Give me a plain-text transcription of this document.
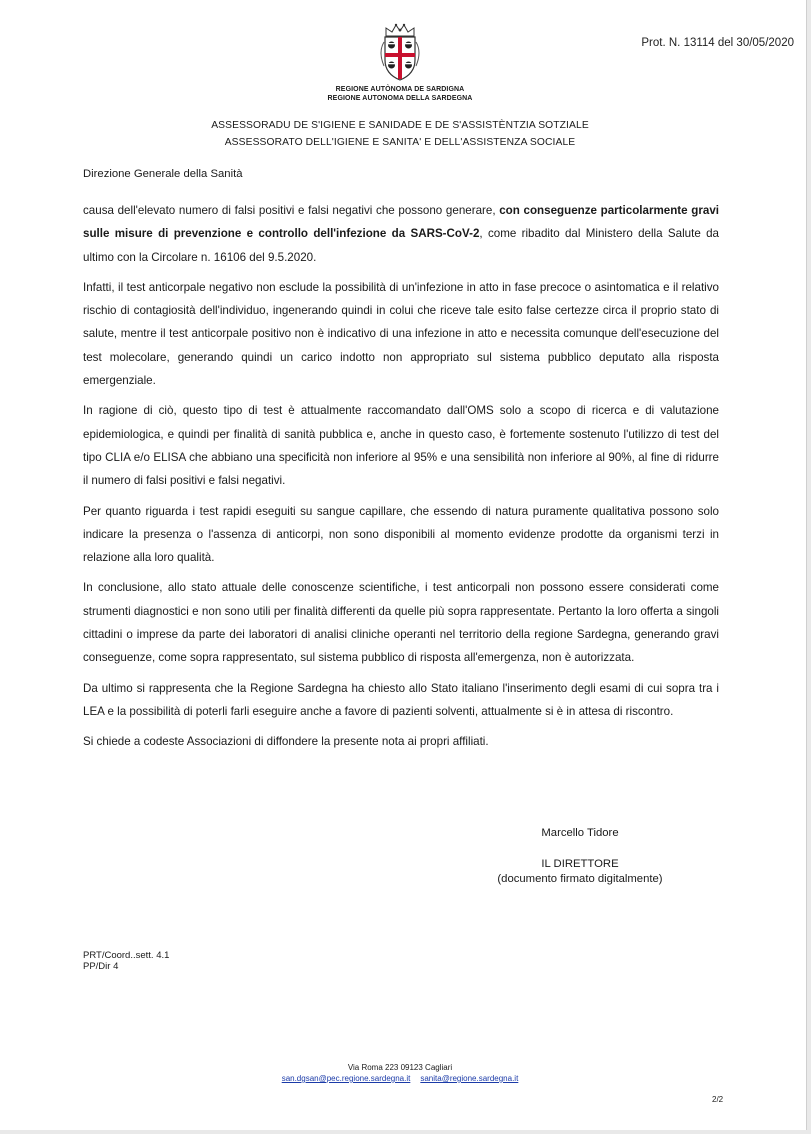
Prot. N. 13114 del 30/05/2020
REGIONE AUTÒNOMA DE SARDIGNA
REGIONE AUTONOMA DELLA SARDEGNA
ASSESSORADU DE S'IGIENE E SANIDADE E DE S'ASSISTÈNTZIA SOTZIALE
ASSESSORATO DELL'IGIENE E SANITA' E DELL'ASSISTENZA SOCIALE
Direzione Generale della Sanità

causa dell'elevato numero di falsi positivi e falsi negativi che possono generare, con conseguenze particolarmente gravi sulle misure di prevenzione e controllo dell'infezione da SARS-CoV-2, come ribadito dal Ministero della Salute da ultimo con la Circolare n. 16106 del 9.5.2020.

Infatti, il test anticorpale negativo non esclude la possibilità di un'infezione in atto in fase precoce o asintomatica e il relativo rischio di contagiosità dell'individuo, ingenerando quindi in colui che riceve tale esito false certezze circa il proprio stato di salute, mentre il test anticorpale positivo non è indicativo di una infezione in atto e necessita comunque dell'esecuzione del test molecolare, generando quindi un carico indotto non appropriato sul sistema pubblico deputato alla risposta emergenziale.

In ragione di ciò, questo tipo di test è attualmente raccomandato dall'OMS solo a scopo di ricerca e di valutazione epidemiologica, e quindi per finalità di sanità pubblica e, anche in questo caso, è fortemente sostenuto l'utilizzo di test del tipo CLIA e/o ELISA che abbiano una specificità non inferiore al 95% e una sensibilità non inferiore al 90%, al fine di ridurre il numero di falsi positivi e falsi negativi.

Per quanto riguarda i test rapidi eseguiti su sangue capillare, che essendo di natura puramente qualitativa possono solo indicare la presenza o l'assenza di anticorpi, non sono disponibili al momento evidenze prodotte da organismi terzi in relazione alla loro qualità.

In conclusione, allo stato attuale delle conoscenze scientifiche, i test anticorpali non possono essere considerati come strumenti diagnostici e non sono utili per finalità differenti da quelle più sopra rappresentate. Pertanto la loro offerta a singoli cittadini o imprese da parte dei laboratori di analisi cliniche operanti nel territorio della regione Sardegna, generando gravi conseguenze, come sopra rappresentato, sul sistema pubblico di risposta all'emergenza, non è autorizzata.

Da ultimo si rappresenta che la Regione Sardegna ha chiesto allo Stato italiano l'inserimento degli esami di cui sopra tra i LEA e la possibilità di poterli farli eseguire anche a favore di pazienti solventi, attualmente si è in attesa di riscontro.

Si chiede a codeste Associazioni di diffondere la presente nota ai propri affiliati.

Marcello Tidore
IL DIRETTORE
(documento firmato digitalmente)
PRT/Coord..sett. 4.1
PP/Dir 4
Via Roma 223 09123 Cagliari
san.dgsan@pec.regione.sardegna.it sanita@regione.sardegna.it
2/2
